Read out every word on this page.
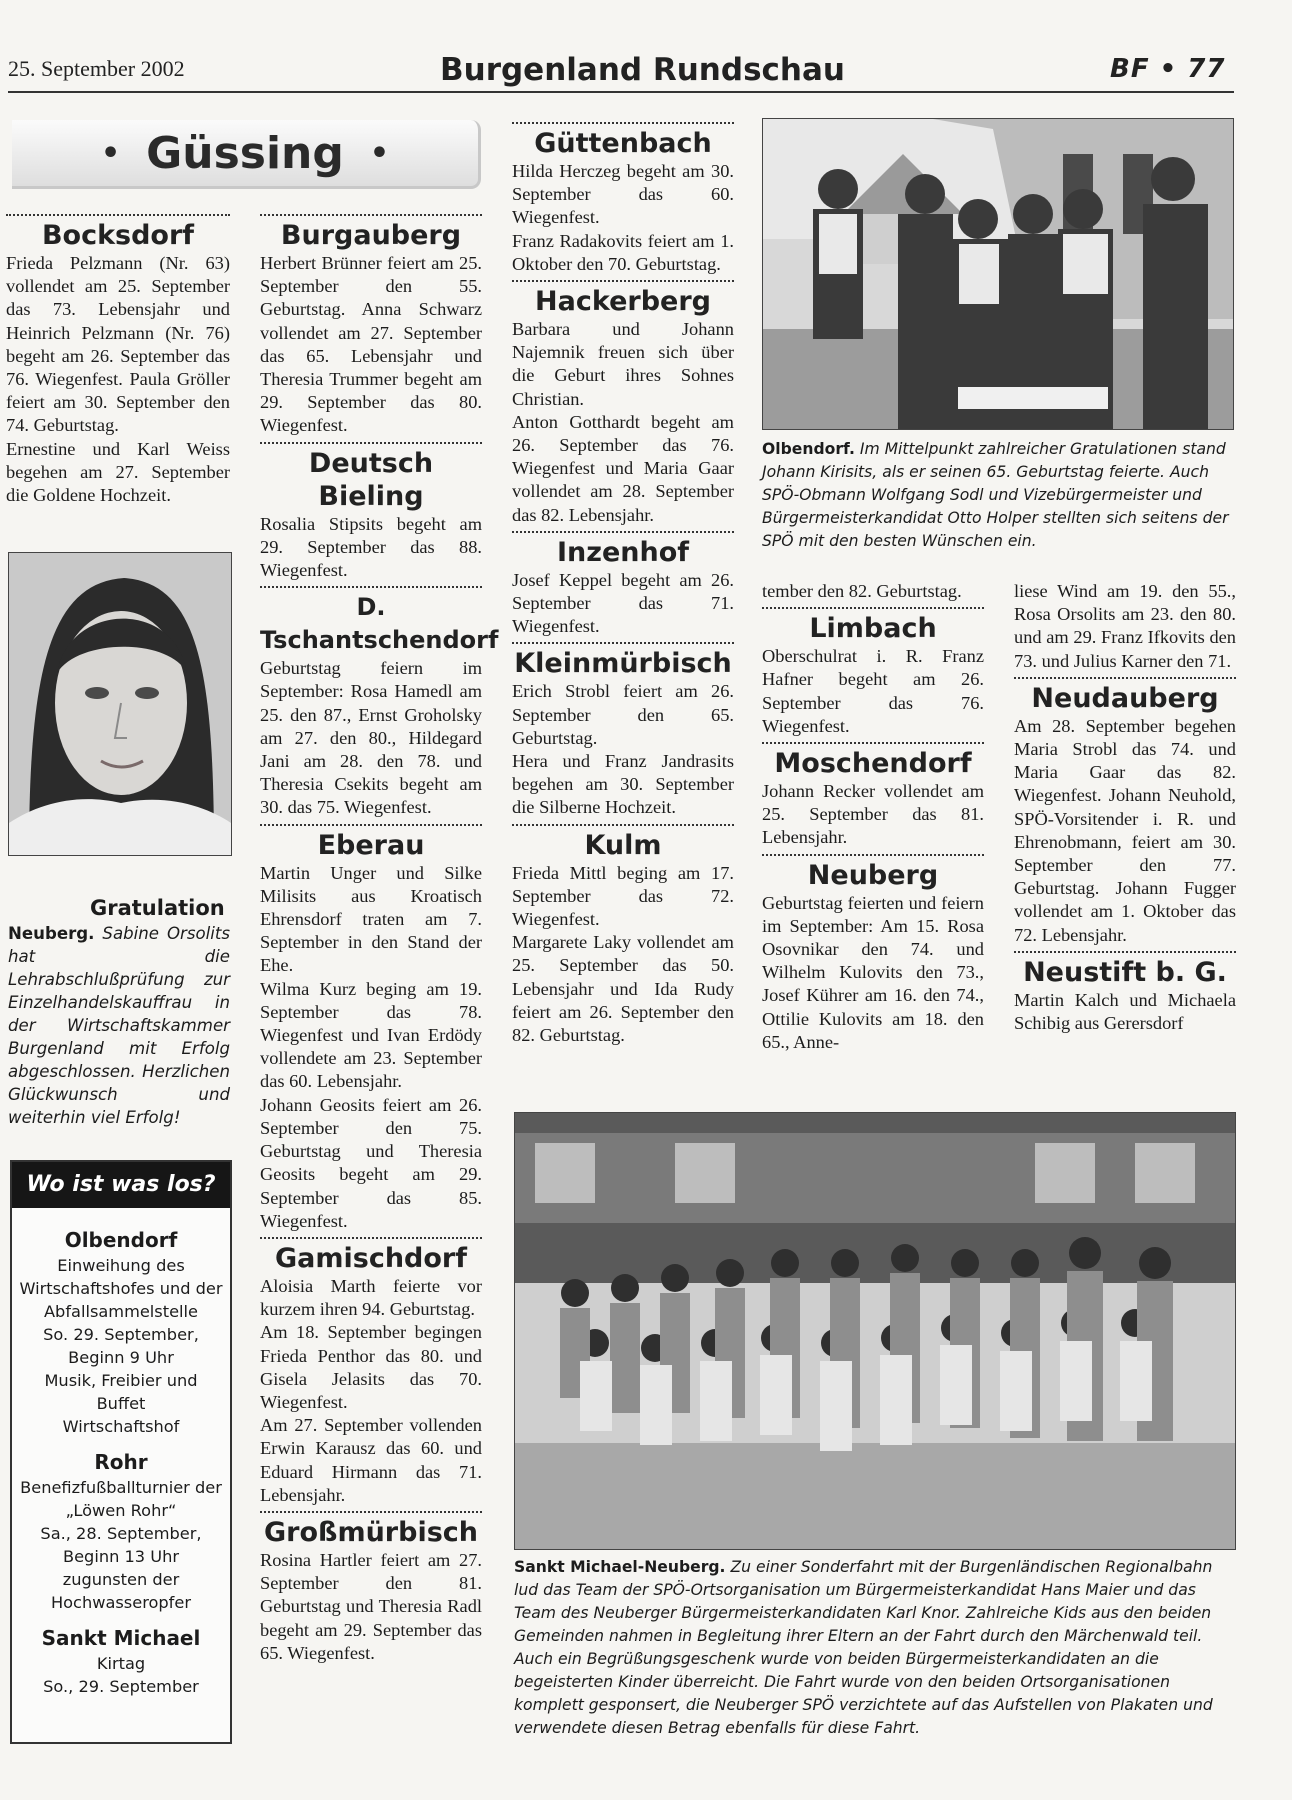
25. September 2002	Burgenland Rundschau	BF • 77
• Güssing •

Bocksdorf

Frieda Pelzmann (Nr. 63) vollendet am 25. September das 73. Lebensjahr und Heinrich Pelzmann (Nr. 76) begeht am 26. September das 76. Wiegenfest. Paula Gröller feiert am 30. September den 74. Geburtstag.

Ernestine und Karl Weiss begehen am 27. September die Goldene Hochzeit.

Gratulation
Neuberg. Sabine Orsolits hat die Lehrabschlußprüfung zur Einzelhandelskauffrau in der Wirtschaftskammer Burgenland mit Erfolg abgeschlossen. Herzlichen Glückwunsch und weiterhin viel Erfolg!
Wo ist was los?
Olbendorf
Einweihung des Wirtschaftshofes und der Abfallsammelstelle
So. 29. September,
Beginn 9 Uhr
Musik, Freibier und Buffet
Wirtschaftshof
Rohr
Benefizfußballturnier der „Löwen Rohr“
Sa., 28. September,
Beginn 13 Uhr
zugunsten der Hochwasseropfer
Sankt Michael
Kirtag
So., 29. September

Burgauberg

Herbert Brünner feiert am 25. September den 55. Geburtstag. Anna Schwarz vollendet am 27. September das 65. Lebensjahr und Theresia Trummer begeht am 29. September das 80. Wiegenfest.

Deutsch Bieling

Rosalia Stipsits begeht am 29. September das 88. Wiegenfest.

D. Tschantschendorf

Geburtstag feiern im September: Rosa Hamedl am 25. den 87., Ernst Groholsky am 27. den 80., Hildegard Jani am 28. den 78. und Theresia Csekits begeht am 30. das 75. Wiegenfest.

Eberau

Martin Unger und Silke Milisits aus Kroatisch Ehrensdorf traten am 7. September in den Stand der Ehe.

Wilma Kurz beging am 19. September das 78. Wiegenfest und Ivan Erdödy vollendete am 23. September das 60. Lebensjahr.

Johann Geosits feiert am 26. September den 75. Geburtstag und Theresia Geosits begeht am 29. September das 85. Wiegenfest.

Gamischdorf

Aloisia Marth feierte vor kurzem ihren 94. Geburtstag.

Am 18. September begingen Frieda Penthor das 80. und Gisela Jelasits das 70. Wiegenfest.

Am 27. September vollenden Erwin Karausz das 60. und Eduard Hirmann das 71. Lebensjahr.

Großmürbisch

Rosina Hartler feiert am 27. September den 81. Geburtstag und Theresia Radl begeht am 29. September das 65. Wiegenfest.

Güttenbach

Hilda Herczeg begeht am 30. September das 60. Wiegenfest.

Franz Radakovits feiert am 1. Oktober den 70. Geburtstag.

Hackerberg

Barbara und Johann Najemnik freuen sich über die Geburt ihres Sohnes Christian.

Anton Gotthardt begeht am 26. September das 76. Wiegenfest und Maria Gaar vollendet am 28. September das 82. Lebensjahr.

Inzenhof

Josef Keppel begeht am 26. September das 71. Wiegenfest.

Kleinmürbisch

Erich Strobl feiert am 26. September den 65. Geburtstag.

Hera und Franz Jandrasits begehen am 30. September die Silberne Hochzeit.

Kulm

Frieda Mittl beging am 17. September das 72. Wiegenfest.

Margarete Laky vollendet am 25. September das 50. Lebensjahr und Ida Rudy feiert am 26. September den 82. Geburtstag.

Olbendorf. Im Mittelpunkt zahlreicher Gratulationen stand Johann Kirisits, als er seinen 65. Geburtstag feierte. Auch SPÖ-Obmann Wolfgang Sodl und Vizebürgermeister und Bürgermeisterkandidat Otto Holper stellten sich seitens der SPÖ mit den besten Wünschen ein.

tember den 82. Geburtstag.

Limbach

Oberschulrat i. R. Franz Hafner begeht am 26. September das 76. Wiegenfest.

Moschendorf

Johann Recker vollendet am 25. September das 81. Lebensjahr.

Neuberg

Geburtstag feierten und feiern im September: Am 15. Rosa Osovnikar den 74. und Wilhelm Kulovits den 73., Josef Kührer am 16. den 74., Ottilie Kulovits am 18. den 65., Anne-

liese Wind am 19. den 55., Rosa Orsolits am 23. den 80. und am 29. Franz Ifkovits den 73. und Julius Karner den 71.

Neudauberg

Am 28. September begehen Maria Strobl das 74. und Maria Gaar das 82. Wiegenfest. Johann Neuhold, SPÖ-Vorsitender i. R. und Ehrenobmann, feiert am 30. September den 77. Geburtstag. Johann Fugger vollendet am 1. Oktober das 72. Lebensjahr.

Neustift b. G.

Martin Kalch und Michaela Schibig aus Gerersdorf

Sankt Michael-Neuberg. Zu einer Sonderfahrt mit der Burgenländischen Regionalbahn lud das Team der SPÖ-Ortsorganisation um Bürgermeisterkandidat Hans Maier und das Team des Neuberger Bürgermeisterkandidaten Karl Knor. Zahlreiche Kids aus den beiden Gemeinden nahmen in Begleitung ihrer Eltern an der Fahrt durch den Märchenwald teil. Auch ein Begrüßungsgeschenk wurde von beiden Bürgermeisterkandidaten an die begeisterten Kinder überreicht. Die Fahrt wurde von den beiden Ortsorganisationen komplett gesponsert, die Neuberger SPÖ verzichtete auf das Aufstellen von Plakaten und verwendete diesen Betrag ebenfalls für diese Fahrt.
